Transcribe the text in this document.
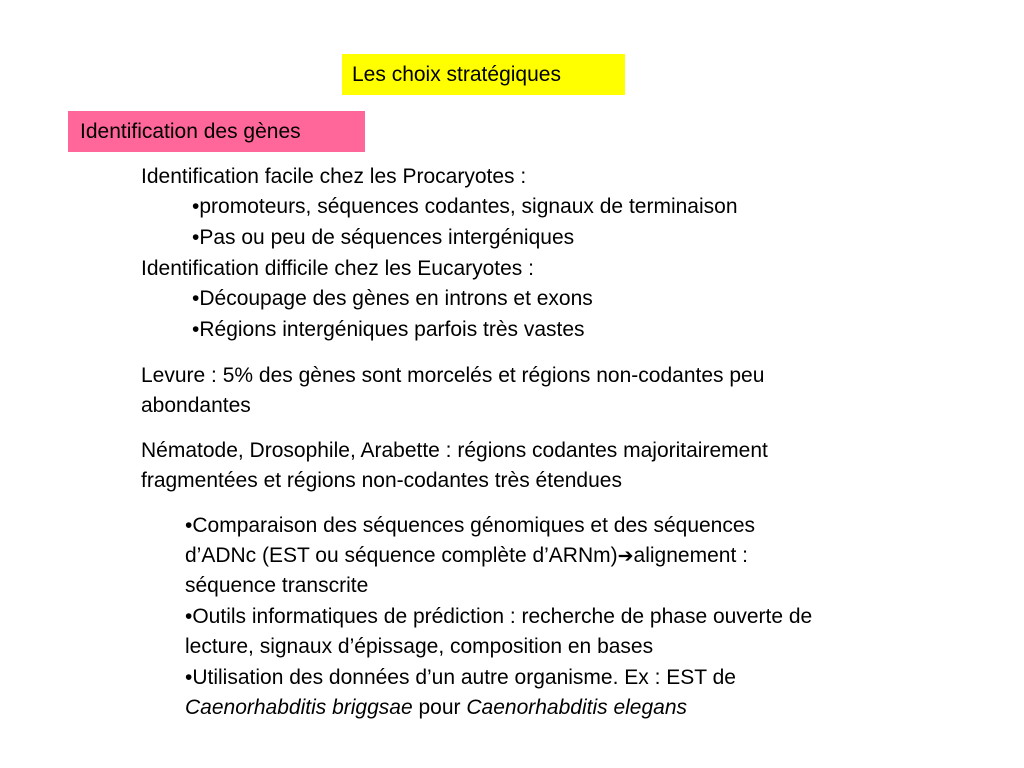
Les choix stratégiques
Identification des gènes
Identification facile chez les Procaryotes :
•promoteurs, séquences codantes, signaux de terminaison
•Pas ou peu de séquences intergéniques
Identification difficile chez les Eucaryotes :
•Découpage des gènes en introns et exons
•Régions intergéniques parfois très vastes
Levure : 5% des gènes sont morcelés et régions non-codantes peu
abondantes
Nématode, Drosophile, Arabette : régions codantes majoritairement
fragmentées et régions non-codantes très étendues
•Comparaison des séquences génomiques et des séquences
d’ADNc (EST ou séquence complète d’ARNm)➔alignement :
séquence transcrite
•Outils informatiques de prédiction : recherche de phase ouverte de
lecture, signaux d’épissage, composition en bases
•Utilisation des données d’un autre organisme. Ex : EST de
Caenorhabditis briggsae pour Caenorhabditis elegans
